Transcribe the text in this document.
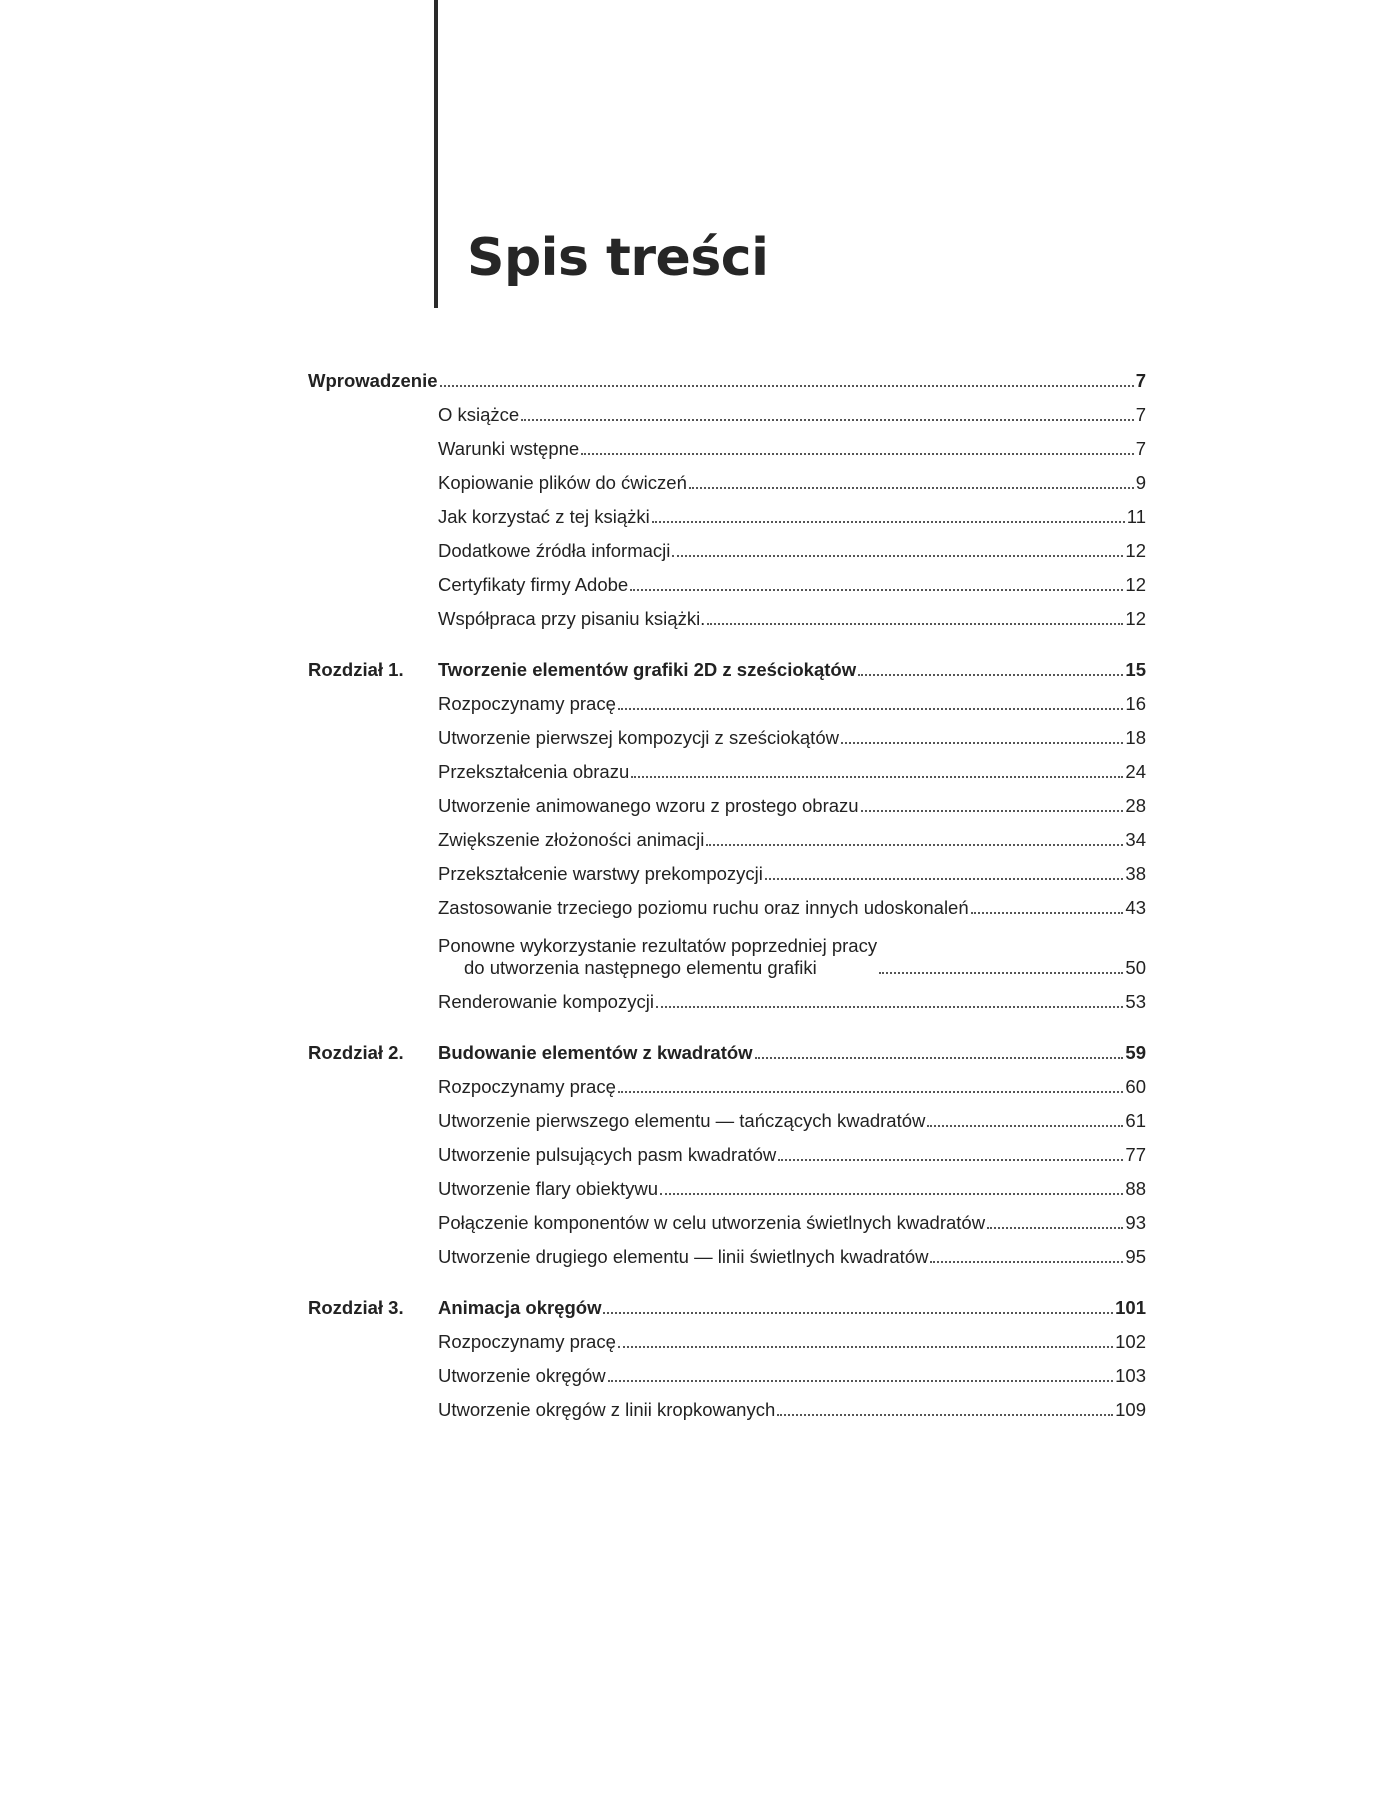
Spis treści
Wprowadzenie	7
O książce	7
Warunki wstępne	7
Kopiowanie plików do ćwiczeń	9
Jak korzystać z tej książki	11
Dodatkowe źródła informacji	12
Certyfikaty firmy Adobe	12
Współpraca przy pisaniu książki.	12
Rozdział 1. Tworzenie elementów grafiki 2D z sześciokątów	15
Rozpoczynamy pracę	16
Utworzenie pierwszej kompozycji z sześciokątów	18
Przekształcenia obrazu	24
Utworzenie animowanego wzoru z prostego obrazu	28
Zwiększenie złożoności animacji	34
Przekształcenie warstwy prekompozycji	38
Zastosowanie trzeciego poziomu ruchu oraz innych udoskonaleń	43
Ponowne wykorzystanie rezultatów poprzedniej pracy
do utworzenia następnego elementu grafiki	50
Renderowanie kompozycji	53
Rozdział 2. Budowanie elementów z kwadratów	59
Rozpoczynamy pracę	60
Utworzenie pierwszego elementu — tańczących kwadratów	61
Utworzenie pulsujących pasm kwadratów	77
Utworzenie flary obiektywu	88
Połączenie komponentów w celu utworzenia świetlnych kwadratów	93
Utworzenie drugiego elementu — linii świetlnych kwadratów	95
Rozdział 3. Animacja okręgów	101
Rozpoczynamy pracę	102
Utworzenie okręgów	103
Utworzenie okręgów z linii kropkowanych	109
